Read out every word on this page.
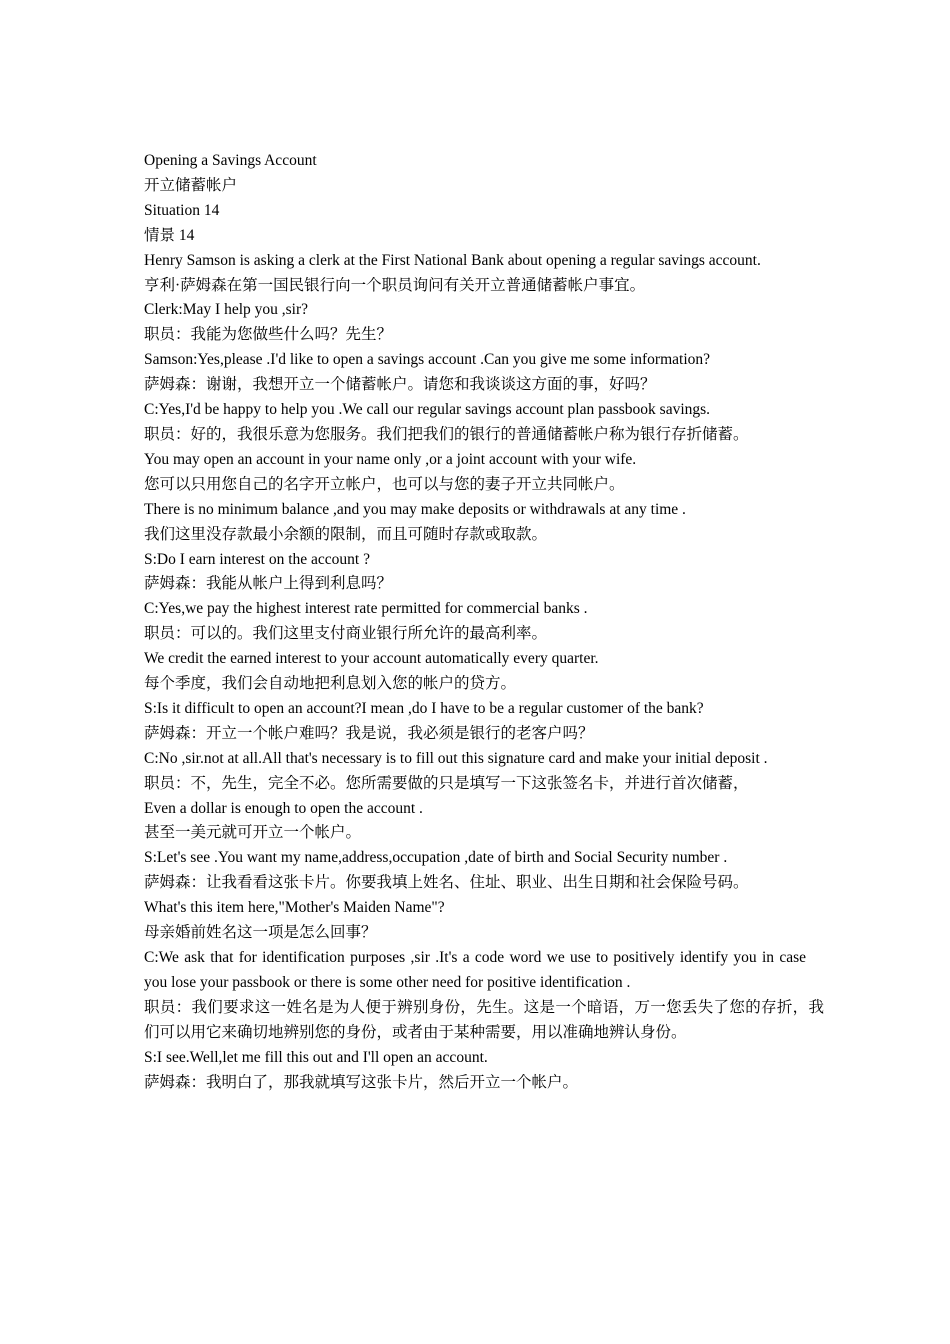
Opening a Savings Account
开立储蓄帐户
Situation 14
情景 14
Henry Samson is asking a clerk at the First National Bank about opening a regular savings account.
亨利·萨姆森在第一国民银行向一个职员询问有关开立普通储蓄帐户事宜。
Clerk:May I help you ,sir?
职员：我能为您做些什么吗？先生？
Samson:Yes,please .I'd like to open a savings account .Can you give me some information?
萨姆森：谢谢，我想开立一个储蓄帐户。请您和我谈谈这方面的事，好吗？
C:Yes,I'd be happy to help you .We call our regular savings account plan passbook savings.
职员：好的，我很乐意为您服务。我们把我们的银行的普通储蓄帐户称为银行存折储蓄。
You may open an account in your name only ,or a joint account with your wife.
您可以只用您自己的名字开立帐户，也可以与您的妻子开立共同帐户。
There is no minimum balance ,and you may make deposits or withdrawals at any time .
我们这里没存款最小余额的限制，而且可随时存款或取款。
S:Do I earn interest on the account ?
萨姆森：我能从帐户上得到利息吗？
C:Yes,we pay the highest interest rate permitted for commercial banks .
职员：可以的。我们这里支付商业银行所允许的最高利率。
We credit the earned interest to your account automatically every quarter.
每个季度，我们会自动地把利息划入您的帐户的贷方。
S:Is it difficult to open an account?I mean ,do I have to be a regular customer of the bank?
萨姆森：开立一个帐户难吗？我是说，我必须是银行的老客户吗？
C:No ,sir.not at all.All that's necessary is to fill out this signature card and make your initial deposit .
职员：不，先生，完全不必。您所需要做的只是填写一下这张签名卡，并进行首次储蓄，
Even a dollar is enough to open the account .
甚至一美元就可开立一个帐户。
S:Let's see .You want my name,address,occupation ,date of birth and Social Security number .
萨姆森：让我看看这张卡片。你要我填上姓名、住址、职业、出生日期和社会保险号码。
What's this item here,"Mother's Maiden Name"?
母亲婚前姓名这一项是怎么回事？
C:We ask that for identification purposes ,sir .It's a code word we use to positively identify you in case you lose your passbook or there is some other need for positive identification .
职员：我们要求这一姓名是为人便于辨别身份，先生。这是一个暗语，万一您丢失了您的存折，我们可以用它来确切地辨别您的身份，或者由于某种需要，用以准确地辨认身份。
S:I see.Well,let me fill this out and I'll open an account.
萨姆森：我明白了，那我就填写这张卡片，然后开立一个帐户。
